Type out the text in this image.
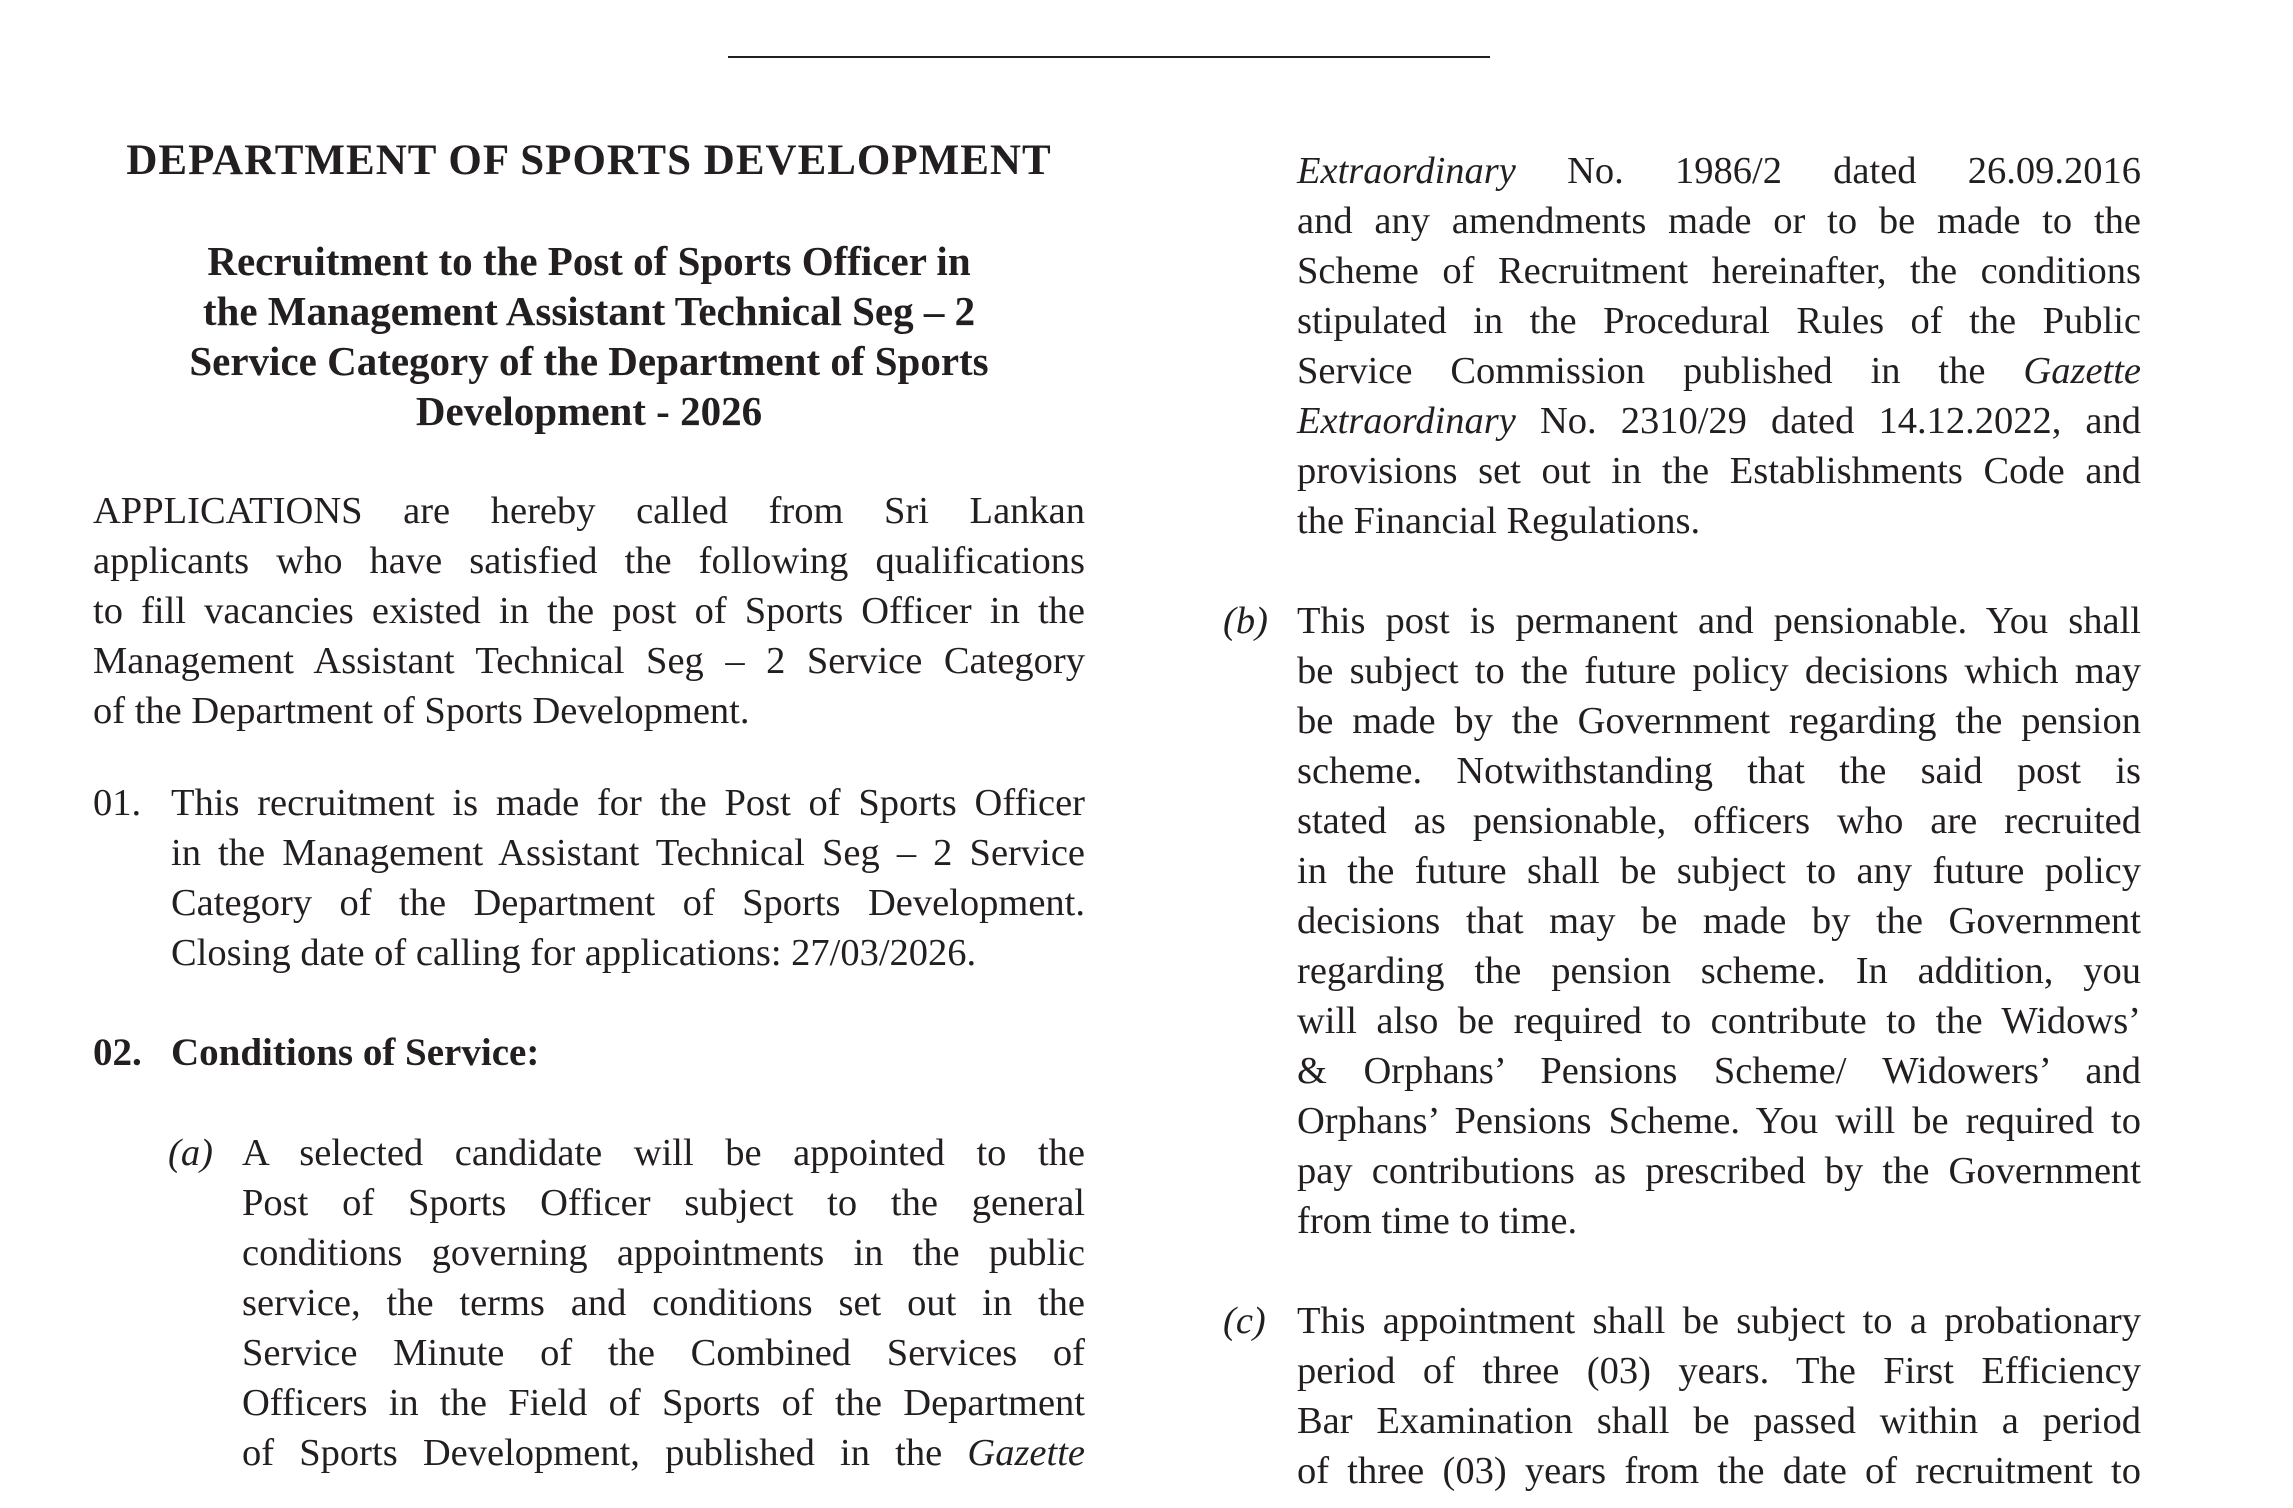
DEPARTMENT OF SPORTS DEVELOPMENT
Recruitment to the Post of Sports Officer in
the Management Assistant Technical Seg – 2
Service Category of the Department of Sports
Development - 2026
APPLICATIONS are hereby called from Sri Lankan
applicants who have satisfied the following qualifications
to fill vacancies existed in the post of Sports Officer in the
Management Assistant Technical Seg – 2 Service Category
of the Department of Sports Development.
01. This recruitment is made for the Post of Sports Officer
in the Management Assistant Technical Seg – 2 Service
Category of the Department of Sports Development.
Closing date of calling for applications: 27/03/2026.
02. Conditions of Service:
(a) A selected candidate will be appointed to the
Post of Sports Officer subject to the general
conditions governing appointments in the public
service, the terms and conditions set out in the
Service Minute of the Combined Services of
Officers in the Field of Sports of the Department
of Sports Development, published in the Gazette
Extraordinary No. 1986/2 dated 26.09.2016
and any amendments made or to be made to the
Scheme of Recruitment hereinafter, the conditions
stipulated in the Procedural Rules of the Public
Service Commission published in the Gazette
Extraordinary No. 2310/29 dated 14.12.2022, and
provisions set out in the Establishments Code and
the Financial Regulations.
(b) This post is permanent and pensionable. You shall
be subject to the future policy decisions which may
be made by the Government regarding the pension
scheme. Notwithstanding that the said post is
stated as pensionable, officers who are recruited
in the future shall be subject to any future policy
decisions that may be made by the Government
regarding the pension scheme. In addition, you
will also be required to contribute to the Widows’
& Orphans’ Pensions Scheme/ Widowers’ and
Orphans’ Pensions Scheme. You will be required to
pay contributions as prescribed by the Government
from time to time.
(c) This appointment shall be subject to a probationary
period of three (03) years. The First Efficiency
Bar Examination shall be passed within a period
of three (03) years from the date of recruitment to
